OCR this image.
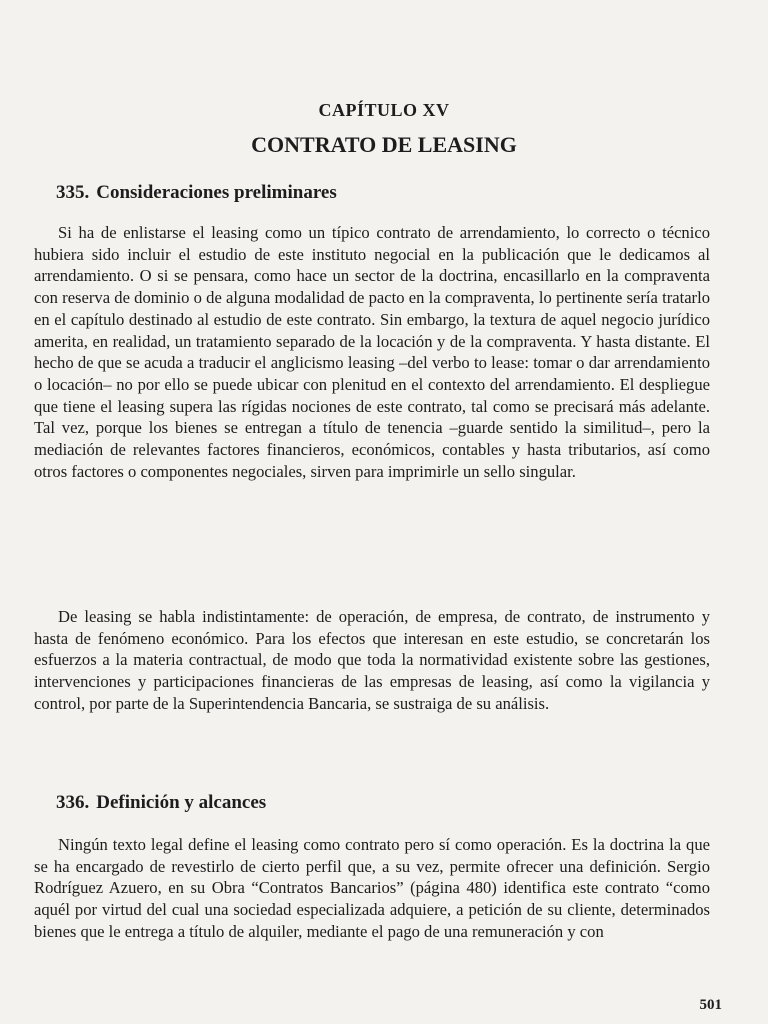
CAPÍTULO XV
CONTRATO DE LEASING
335. Consideraciones preliminares

Si ha de enlistarse el leasing como un típico contrato de arrendamiento, lo correcto o técnico hubiera sido incluir el estudio de este instituto negocial en la publicación que le dedicamos al arrendamiento. O si se pensara, como hace un sector de la doctrina, encasillarlo en la compraventa con reserva de dominio o de alguna modalidad de pacto en la compraventa, lo pertinente sería tratarlo en el capítulo destinado al estudio de este contrato. Sin embargo, la textura de aquel negocio jurídico amerita, en realidad, un tratamiento separado de la locación y de la compraventa. Y hasta distante. El hecho de que se acuda a traducir el anglicismo leasing –del verbo to lease: tomar o dar arrendamiento o locación– no por ello se puede ubicar con plenitud en el contexto del arrendamiento. El despliegue que tiene el leasing supera las rígidas nociones de este contrato, tal como se precisará más adelante. Tal vez, porque los bienes se entregan a título de tenencia –guarde sentido la similitud–, pero la mediación de relevantes factores financieros, económicos, contables y hasta tributarios, así como otros factores o componentes negociales, sirven para imprimirle un sello singular.

De leasing se habla indistintamente: de operación, de empresa, de contrato, de instrumento y hasta de fenómeno económico. Para los efectos que interesan en este estudio, se concretarán los esfuerzos a la materia contractual, de modo que toda la normatividad existente sobre las gestiones, intervenciones y participaciones financieras de las empresas de leasing, así como la vigilancia y control, por parte de la Superintendencia Bancaria, se sustraiga de su análisis.

336. Definición y alcances

Ningún texto legal define el leasing como contrato pero sí como operación. Es la doctrina la que se ha encargado de revestirlo de cierto perfil que, a su vez, permite ofrecer una definición. Sergio Rodríguez Azuero, en su Obra “Contratos Bancarios” (página 480) identifica este contrato “como aquél por virtud del cual una sociedad especializada adquiere, a petición de su cliente, determinados bienes que le entrega a título de alquiler, mediante el pago de una remuneración y con

501
